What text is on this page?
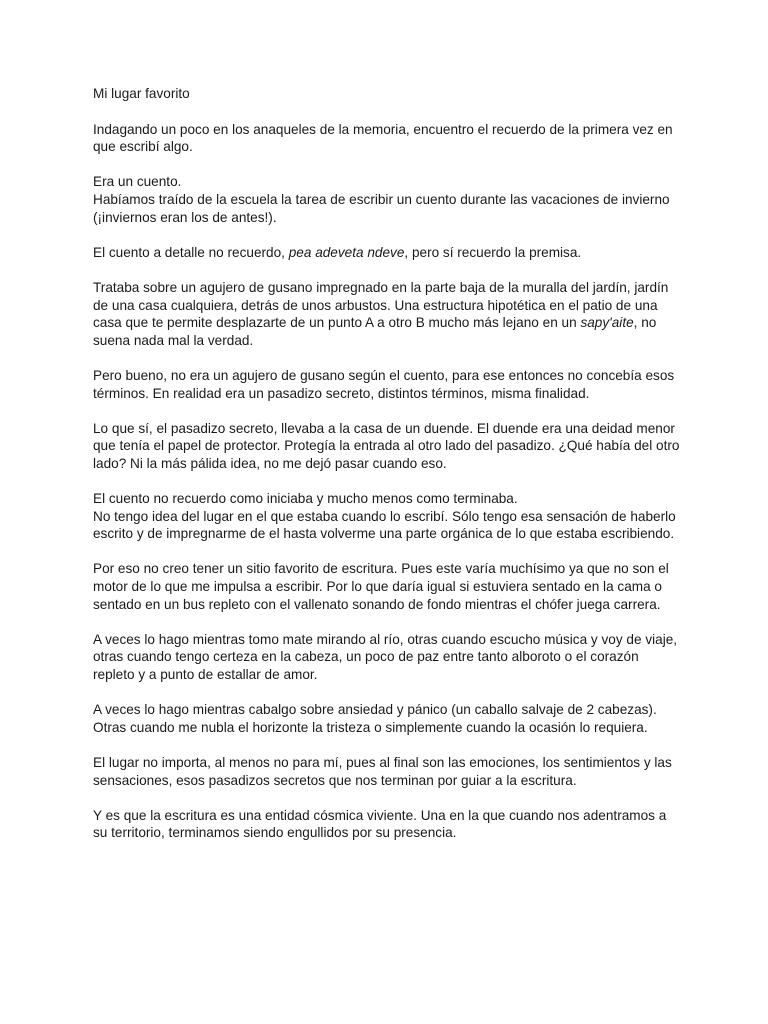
Mi lugar favorito

Indagando un poco en los anaqueles de la memoria, encuentro el recuerdo de la primera vez en que escribí algo.

Era un cuento.
Habíamos traído de la escuela la tarea de escribir un cuento durante las vacaciones de invierno (¡inviernos eran los de antes!).

El cuento a detalle no recuerdo, pea adeveta ndeve, pero sí recuerdo la premisa.

Trataba sobre un agujero de gusano impregnado en la parte baja de la muralla del jardín, jardín de una casa cualquiera, detrás de unos arbustos. Una estructura hipotética en el patio de una casa que te permite desplazarte de un punto A a otro B mucho más lejano en un sapy'aite, no suena nada mal la verdad.

Pero bueno, no era un agujero de gusano según el cuento, para ese entonces no concebía esos términos. En realidad era un pasadizo secreto, distintos términos, misma finalidad.

Lo que sí, el pasadizo secreto, llevaba a la casa de un duende. El duende era una deidad menor que tenía el papel de protector. Protegía la entrada al otro lado del pasadizo. ¿Qué había del otro lado? Ni la más pálida idea, no me dejó pasar cuando eso.

El cuento no recuerdo como iniciaba y mucho menos como terminaba.
No tengo idea del lugar en el que estaba cuando lo escribí. Sólo tengo esa sensación de haberlo escrito y de impregnarme de el hasta volverme una parte orgánica de lo que estaba escribiendo.

Por eso no creo tener un sitio favorito de escritura. Pues este varía muchísimo ya que no son el motor de lo que me impulsa a escribir. Por lo que daría igual si estuviera sentado en la cama o sentado en un bus repleto con el vallenato sonando de fondo mientras el chófer juega carrera.

A veces lo hago mientras tomo mate mirando al río, otras cuando escucho música y voy de viaje, otras cuando tengo certeza en la cabeza, un poco de paz entre tanto alboroto o el corazón repleto y a punto de estallar de amor.

A veces lo hago mientras cabalgo sobre ansiedad y pánico (un caballo salvaje de 2 cabezas). Otras cuando me nubla el horizonte la tristeza o simplemente cuando la ocasión lo requiera.

El lugar no importa, al menos no para mí, pues al final son las emociones, los sentimientos y las sensaciones, esos pasadizos secretos que nos terminan por guiar a la escritura.

Y es que la escritura es una entidad cósmica viviente. Una en la que cuando nos adentramos a su territorio, terminamos siendo engullidos por su presencia.
